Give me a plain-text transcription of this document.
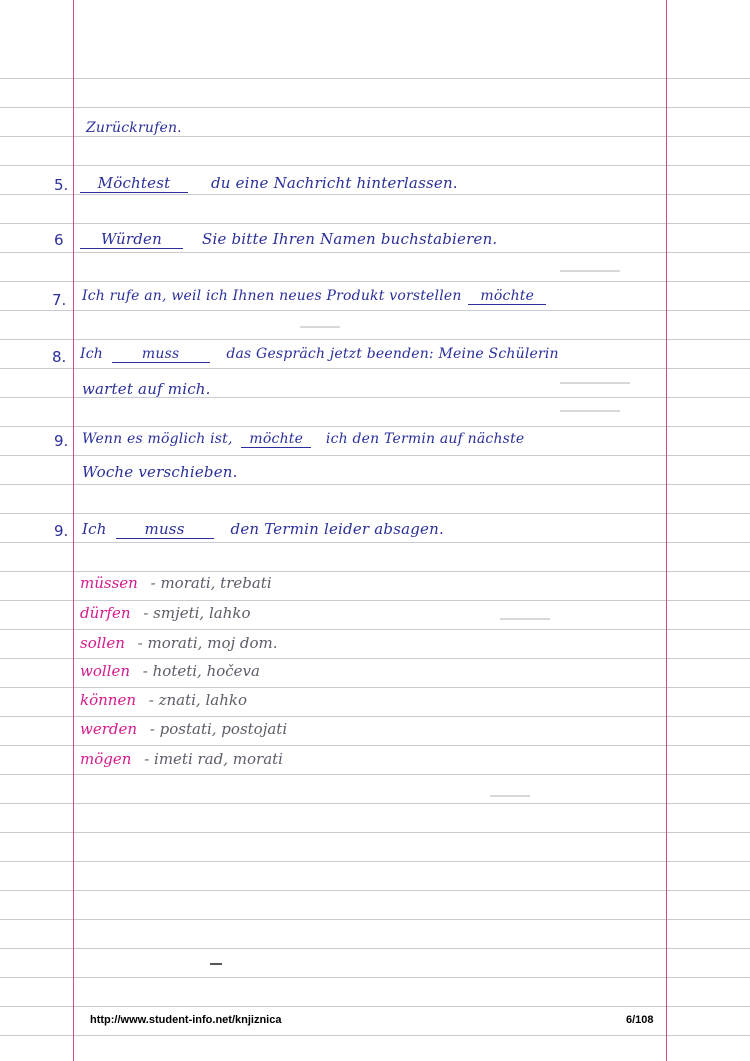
Zurückrufen.
5.	Möchtest	du eine Nachricht hinterlassen.
6	Würden	Sie bitte Ihren Namen buchstabieren.
7. Ich rufe an, weil ich Ihnen neues Produkt vorstellen möchte
8. Ich	muss	das Gespräch jetzt beenden: Meine Schülerin
wartet auf mich.
9. Wenn es möglich ist, möchte ich den Termin auf nächste
Woche verschieben.
9. Ich	muss	den Termin leider absagen.
müssen - morati, trebati
dürfen - smjeti, lahko
sollen - morati, moj dom.
wollen - hoteti, hočeva
können - znati, lahko
werden - postati, postojati
mögen - imeti rad, morati
http://www.student-info.net/knjiznica	6/108
